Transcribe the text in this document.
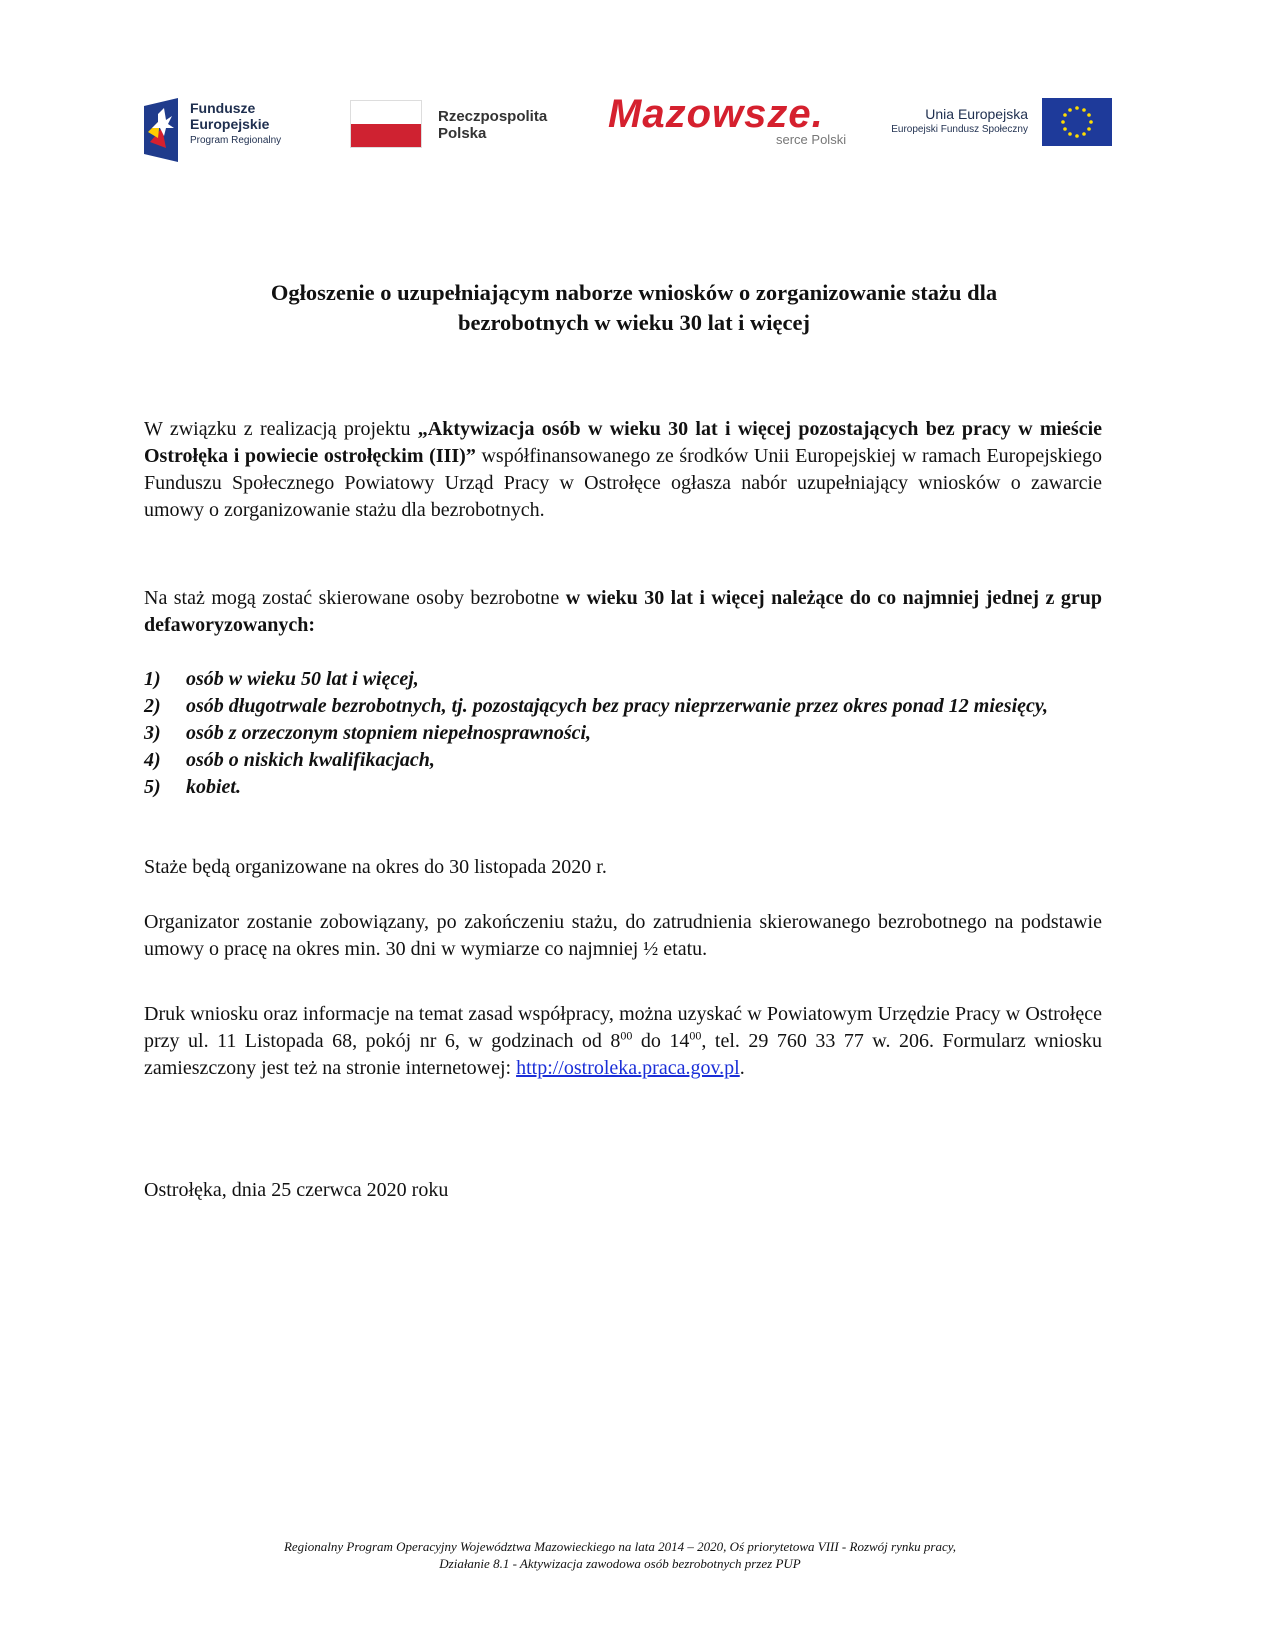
Fundusze
Europejskie
Program Regionalny
Rzeczpospolita
Polska	Mazowsze.
serce Polski
Unia Europejska
Europejski Fundusz Społeczny
Ogłoszenie o uzupełniającym naborze wniosków o zorganizowanie stażu dla
bezrobotnych w wieku 30 lat i więcej
W związku z realizacją projektu „Aktywizacja osób w wieku 30 lat i więcej pozostających bez pracy w mieście Ostrołęka i powiecie ostrołęckim (III)” współfinansowanego ze środków Unii Europejskiej w ramach Europejskiego Funduszu Społecznego Powiatowy Urząd Pracy w Ostrołęce ogłasza nabór uzupełniający wniosków o zawarcie umowy o zorganizowanie stażu dla bezrobotnych.
Na staż mogą zostać skierowane osoby bezrobotne w wieku 30 lat i więcej należące do co najmniej jednej z grup defaworyzowanych:
1) osób w wieku 50 lat i więcej,
2) osób długotrwale bezrobotnych, tj. pozostających bez pracy nieprzerwanie przez okres ponad 12 miesięcy,
3) osób z orzeczonym stopniem niepełnosprawności,
4) osób o niskich kwalifikacjach,
5) kobiet.
Staże będą organizowane na okres do 30 listopada 2020 r.
Organizator zostanie zobowiązany, po zakończeniu stażu, do zatrudnienia skierowanego bezrobotnego na podstawie umowy o pracę na okres min. 30 dni w wymiarze co najmniej ½ etatu.
Druk wniosku oraz informacje na temat zasad współpracy, można uzyskać w Powiatowym Urzędzie Pracy w Ostrołęce przy ul. 11 Listopada 68, pokój nr 6, w godzinach od $8^{00}$ do $14^{00}$, tel. 29 760 33 77 w. 206. Formularz wniosku zamieszczony jest też na stronie internetowej: http://ostroleka.praca.gov.pl.
Ostrołęka, dnia 25 czerwca 2020 roku
Regionalny Program Operacyjny Województwa Mazowieckiego na lata 2014 – 2020, Oś priorytetowa VIII - Rozwój rynku pracy,
Działanie 8.1 - Aktywizacja zawodowa osób bezrobotnych przez PUP
